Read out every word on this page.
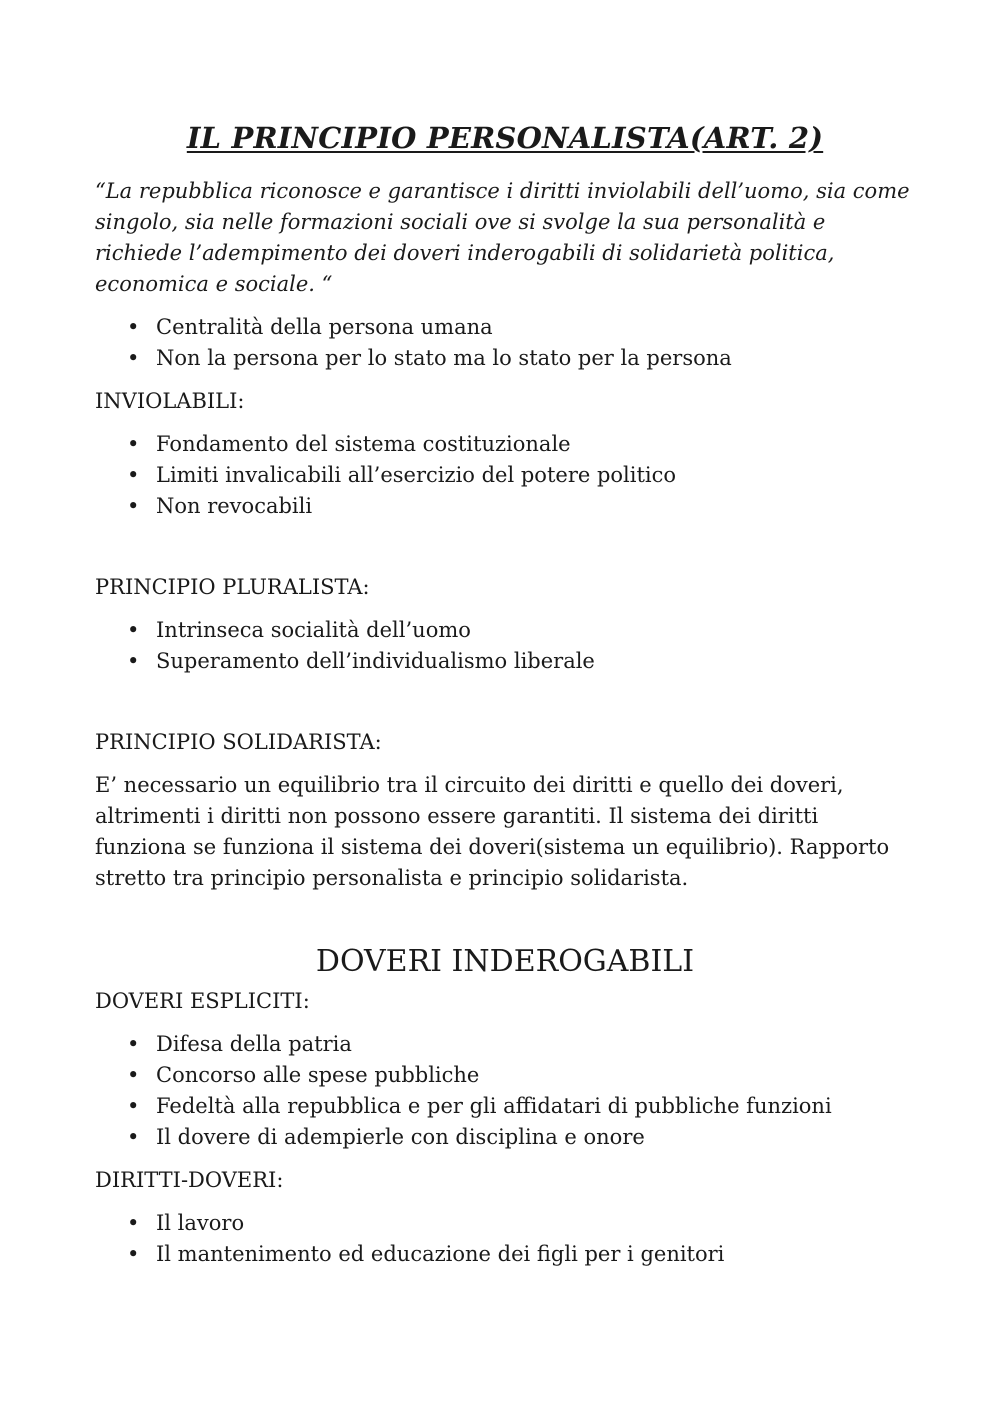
IL PRINCIPIO PERSONALISTA(ART. 2)

“La repubblica riconosce e garantisce i diritti inviolabili dell’uomo, sia come singolo, sia nelle formazioni sociali ove si svolge la sua personalità e richiede l’adempimento dei doveri inderogabili di solidarietà politica, economica e sociale. “

• Centralità della persona umana
• Non la persona per lo stato ma lo stato per la persona

INVIOLABILI:

• Fondamento del sistema costituzionale
• Limiti invalicabili all’esercizio del potere politico
• Non revocabili

PRINCIPIO PLURALISTA:

• Intrinseca socialità dell’uomo
• Superamento dell’individualismo liberale

PRINCIPIO SOLIDARISTA:

E’ necessario un equilibrio tra il circuito dei diritti e quello dei doveri, altrimenti i diritti non possono essere garantiti. Il sistema dei diritti funziona se funziona il sistema dei doveri(sistema un equilibrio). Rapporto stretto tra principio personalista e principio solidarista.

DOVERI INDEROGABILI

DOVERI ESPLICITI:

• Difesa della patria
• Concorso alle spese pubbliche
• Fedeltà alla repubblica e per gli affidatari di pubbliche funzioni
• Il dovere di adempierle con disciplina e onore

DIRITTI-DOVERI:

• Il lavoro
• Il mantenimento ed educazione dei figli per i genitori
